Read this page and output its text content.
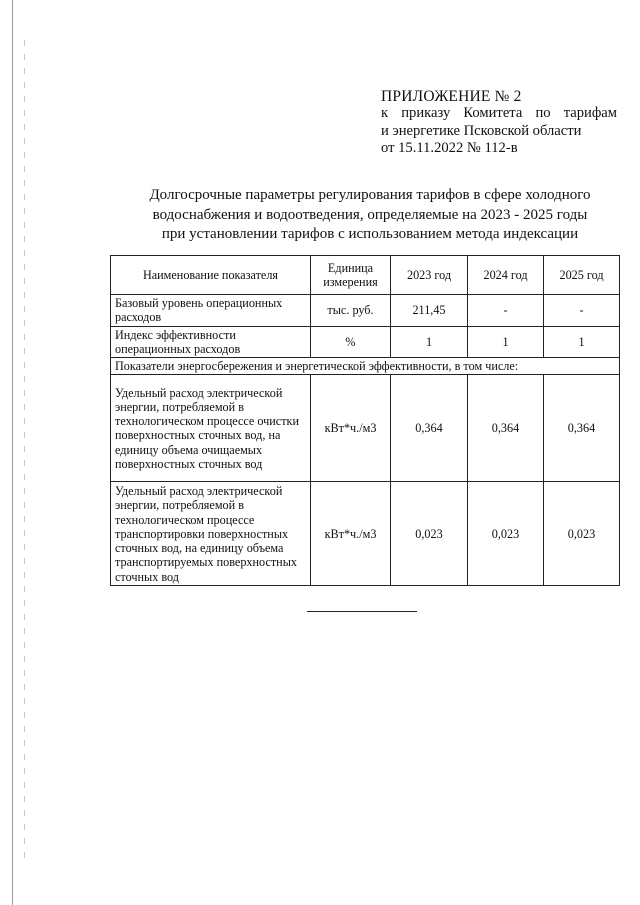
ПРИЛОЖЕНИЕ № 2
к приказу Комитета по тарифам
и энергетике Псковской области
от 15.11.2022 № 112-в
Долгосрочные параметры регулирования тарифов в сфере холодного
водоснабжения и водоотведения, определяемые на 2023 - 2025 годы
при установлении тарифов с использованием метода индексации
Наименование показателя	Единица измерения	2023 год	2024 год	2025 год
Базовый уровень операционных расходов	тыс. руб.	211,45	-	-
Индекс эффективности операционных расходов	%	1	1	1
Показатели энергосбережения и энергетической эффективности, в том числе:				
Удельный расход электрической энергии, потребляемой в технологическом процессе очистки поверхностных сточных вод, на единицу объема очищаемых поверхностных сточных вод	кВт*ч./м3	0,364	0,364	0,364
Удельный расход электрической энергии, потребляемой в технологическом процессе транспортировки поверхностных сточных вод, на единицу объема транспортируемых поверхностных сточных вод	кВт*ч./м3	0,023	0,023	0,023
